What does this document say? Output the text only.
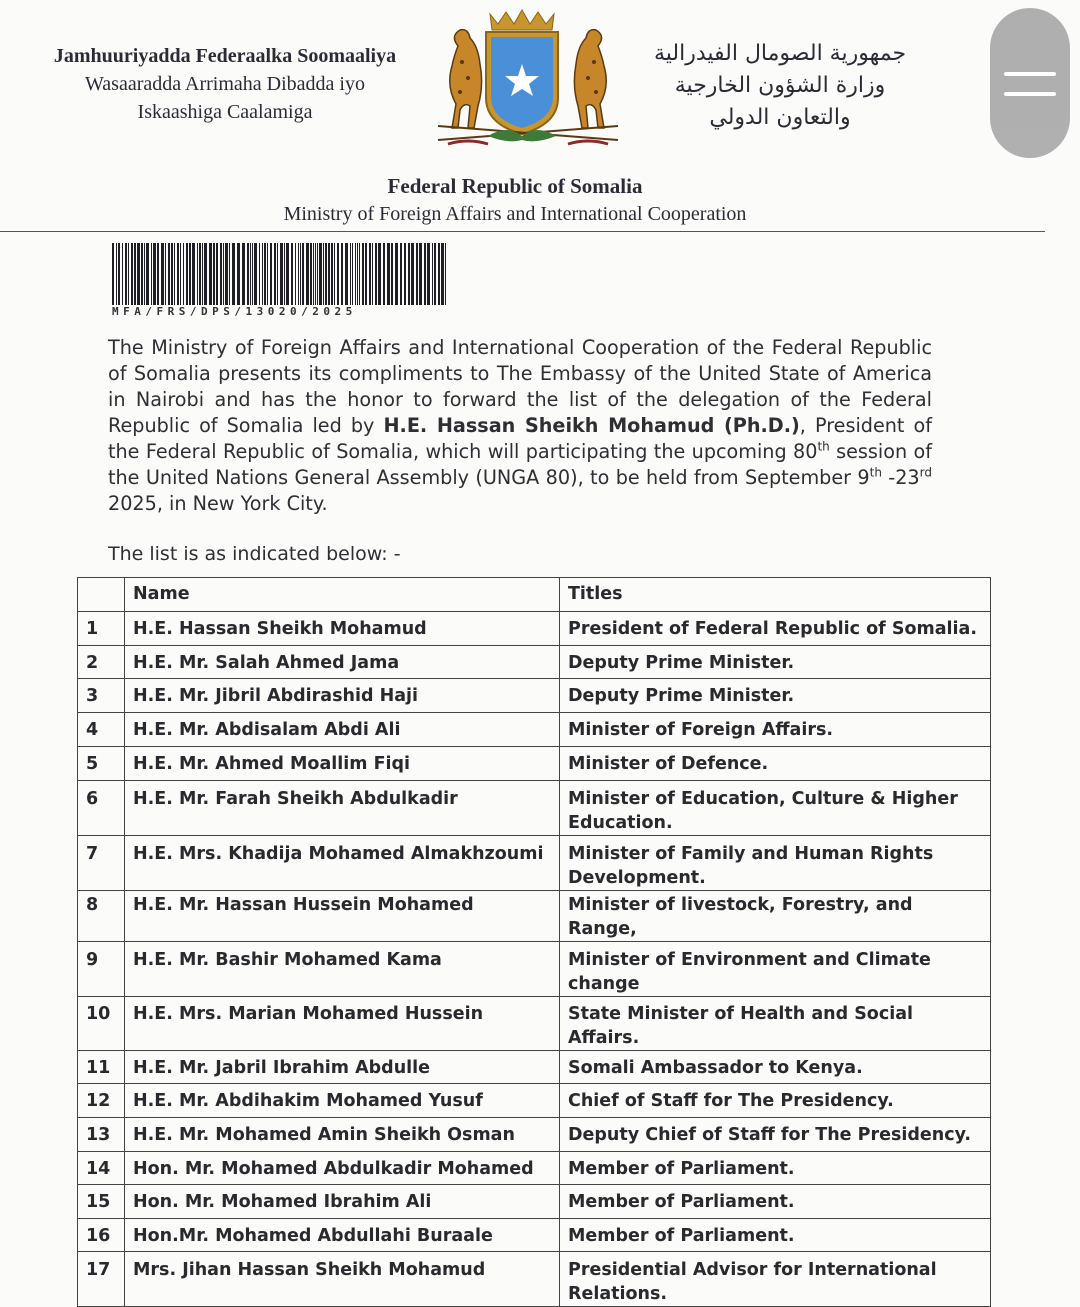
Jamhuuriyadda Federaalka Soomaaliya
Wasaaradda Arrimaha Dibadda iyo
Iskaashiga Caalamiga
جمهورية الصومال الفيدرالية
وزارة الشؤون الخارجية
والتعاون الدولي
Federal Republic of Somalia
Ministry of Foreign Affairs and International Cooperation
MFA/FRS/DPS/13020/2025
The Ministry of Foreign Affairs and International Cooperation of the Federal Republic of Somalia presents its compliments to The Embassy of the United State of America in Nairobi and has the honor to forward the list of the delegation of the Federal Republic of Somalia led by H.E. Hassan Sheikh Mohamud (Ph.D.), President of the Federal Republic of Somalia, which will participating the upcoming 80th session of the United Nations General Assembly (UNGA 80), to be held from September 9th -23rd 2025, in New York City.
The list is as indicated below: -
	Name	Titles
1	H.E. Hassan Sheikh Mohamud	President of Federal Republic of Somalia.
2	H.E. Mr. Salah Ahmed Jama	Deputy Prime Minister.
3	H.E. Mr. Jibril Abdirashid Haji	Deputy Prime Minister.
4	H.E. Mr. Abdisalam Abdi Ali	Minister of Foreign Affairs.
5	H.E. Mr. Ahmed Moallim Fiqi	Minister of Defence.
6	H.E. Mr. Farah Sheikh Abdulkadir	Minister of Education, Culture & Higher Education.
7	H.E. Mrs. Khadija Mohamed Almakhzoumi	Minister of Family and Human Rights Development.
8	H.E. Mr. Hassan Hussein Mohamed	Minister of livestock, Forestry, and Range,
9	H.E. Mr. Bashir Mohamed Kama	Minister of Environment and Climate change
10	H.E. Mrs. Marian Mohamed Hussein	State Minister of Health and Social Affairs.
11	H.E. Mr. Jabril Ibrahim Abdulle	Somali Ambassador to Kenya.
12	H.E. Mr. Abdihakim Mohamed Yusuf	Chief of Staff for The Presidency.
13	H.E. Mr. Mohamed Amin Sheikh Osman	Deputy Chief of Staff for The Presidency.
14	Hon. Mr. Mohamed Abdulkadir Mohamed	Member of Parliament.
15	Hon. Mr. Mohamed Ibrahim Ali	Member of Parliament.
16	Hon.Mr. Mohamed Abdullahi Buraale	Member of Parliament.
17	Mrs. Jihan Hassan Sheikh Mohamud	Presidential Advisor for International Relations.
